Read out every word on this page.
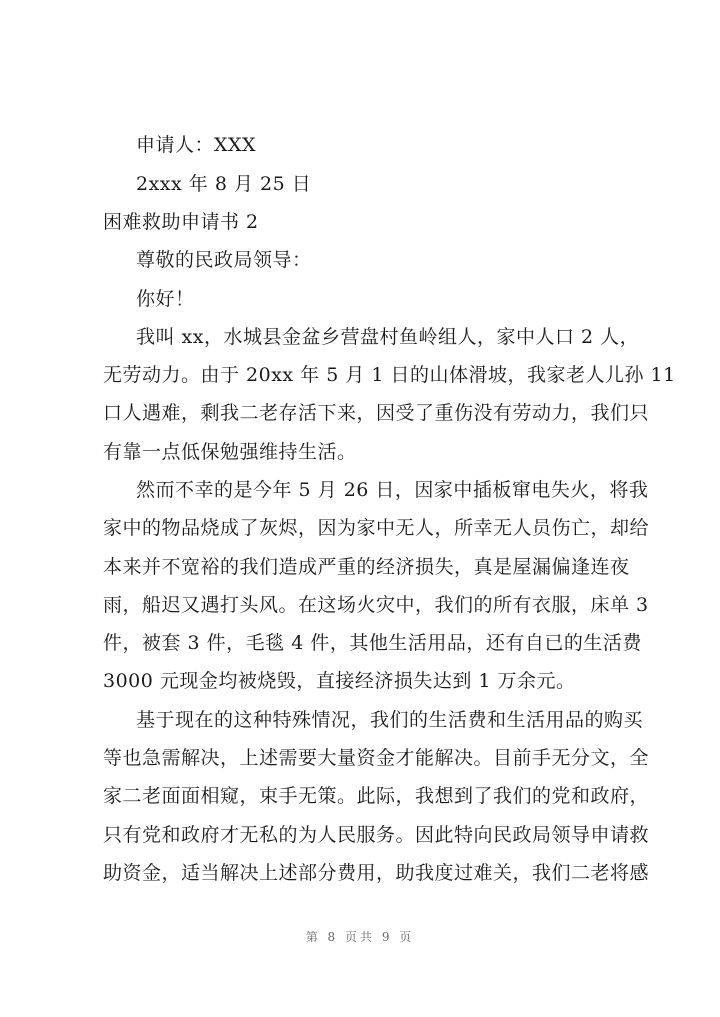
申请人：XXX
2xxx 年 8 月 25 日
困难救助申请书 2
尊敬的民政局领导：
你好！
我叫 xx，水城县金盆乡营盘村鱼岭组人，家中人口 2 人，
无劳动力。由于 20xx 年 5 月 1 日的山体滑坡，我家老人儿孙 11
口人遇难，剩我二老存活下来，因受了重伤没有劳动力，我们只
有靠一点低保勉强维持生活。
然而不幸的是今年 5 月 26 日，因家中插板窜电失火，将我
家中的物品烧成了灰烬，因为家中无人，所幸无人员伤亡，却给
本来并不宽裕的我们造成严重的经济损失，真是屋漏偏逢连夜
雨，船迟又遇打头风。在这场火灾中，我们的所有衣服，床单 3
件，被套 3 件，毛毯 4 件，其他生活用品，还有自已的生活费
3000 元现金均被烧毁，直接经济损失达到 1 万余元。
基于现在的这种特殊情况，我们的生活费和生活用品的购买
等也急需解决，上述需要大量资金才能解决。目前手无分文，全
家二老面面相窥，束手无策。此际，我想到了我们的党和政府，
只有党和政府才无私的为人民服务。因此特向民政局领导申请救
助资金，适当解决上述部分费用，助我度过难关，我们二老将感
第 8 页共 9 页
